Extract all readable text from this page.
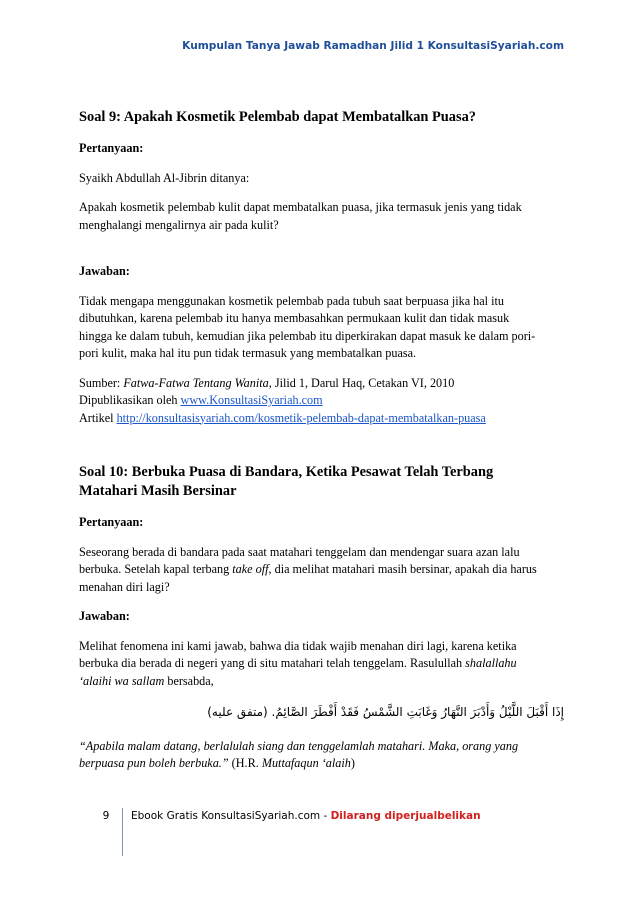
Kumpulan Tanya Jawab Ramadhan Jilid 1 KonsultasiSyariah.com

Soal 9: Apakah Kosmetik Pelembab dapat Membatalkan Puasa?

Pertanyaan:

Syaikh Abdullah Al-Jibrin ditanya:

Apakah kosmetik pelembab kulit dapat membatalkan puasa, jika termasuk jenis yang tidak

menghalangi mengalirnya air pada kulit?

Jawaban:

Tidak mengapa menggunakan kosmetik pelembab pada tubuh saat berpuasa jika hal itu

dibutuhkan, karena pelembab itu hanya membasahkan permukaan kulit dan tidak masuk

hingga ke dalam tubuh, kemudian jika pelembab itu diperkirakan dapat masuk ke dalam pori-

pori kulit, maka hal itu pun tidak termasuk yang membatalkan puasa.

Sumber: Fatwa-Fatwa Tentang Wanita, Jilid 1, Darul Haq, Cetakan VI, 2010

Dipublikasikan oleh www.KonsultasiSyariah.com

Artikel http://konsultasisyariah.com/kosmetik-pelembab-dapat-membatalkan-puasa

Soal 10: Berbuka Puasa di Bandara, Ketika Pesawat Telah Terbang

Matahari Masih Bersinar

Pertanyaan:

Seseorang berada di bandara pada saat matahari tenggelam dan mendengar suara azan lalu

berbuka. Setelah kapal terbang take off, dia melihat matahari masih bersinar, apakah dia harus

menahan diri lagi?

Jawaban:

Melihat fenomena ini kami jawab, bahwa dia tidak wajib menahan diri lagi, karena ketika

berbuka dia berada di negeri yang di situ matahari telah tenggelam. Rasulullah shalallahu

‘alaihi wa sallam bersabda,

إِذَا أَقْبَلَ اللَّيْلُ وَأَدْبَرَ النَّهَارُ وَغَابَتِ الشَّمْسُ فَقَدْ أَفْطَرَ الصَّائِمُ. (متفق عليه)

“Apabila malam datang, berlalulah siang dan tenggelamlah matahari. Maka, orang yang

berpuasa pun boleh berbuka.” (H.R. Muttafaqun ‘alaih)

9	Ebook Gratis KonsultasiSyariah.com - Dilarang diperjualbelikan
